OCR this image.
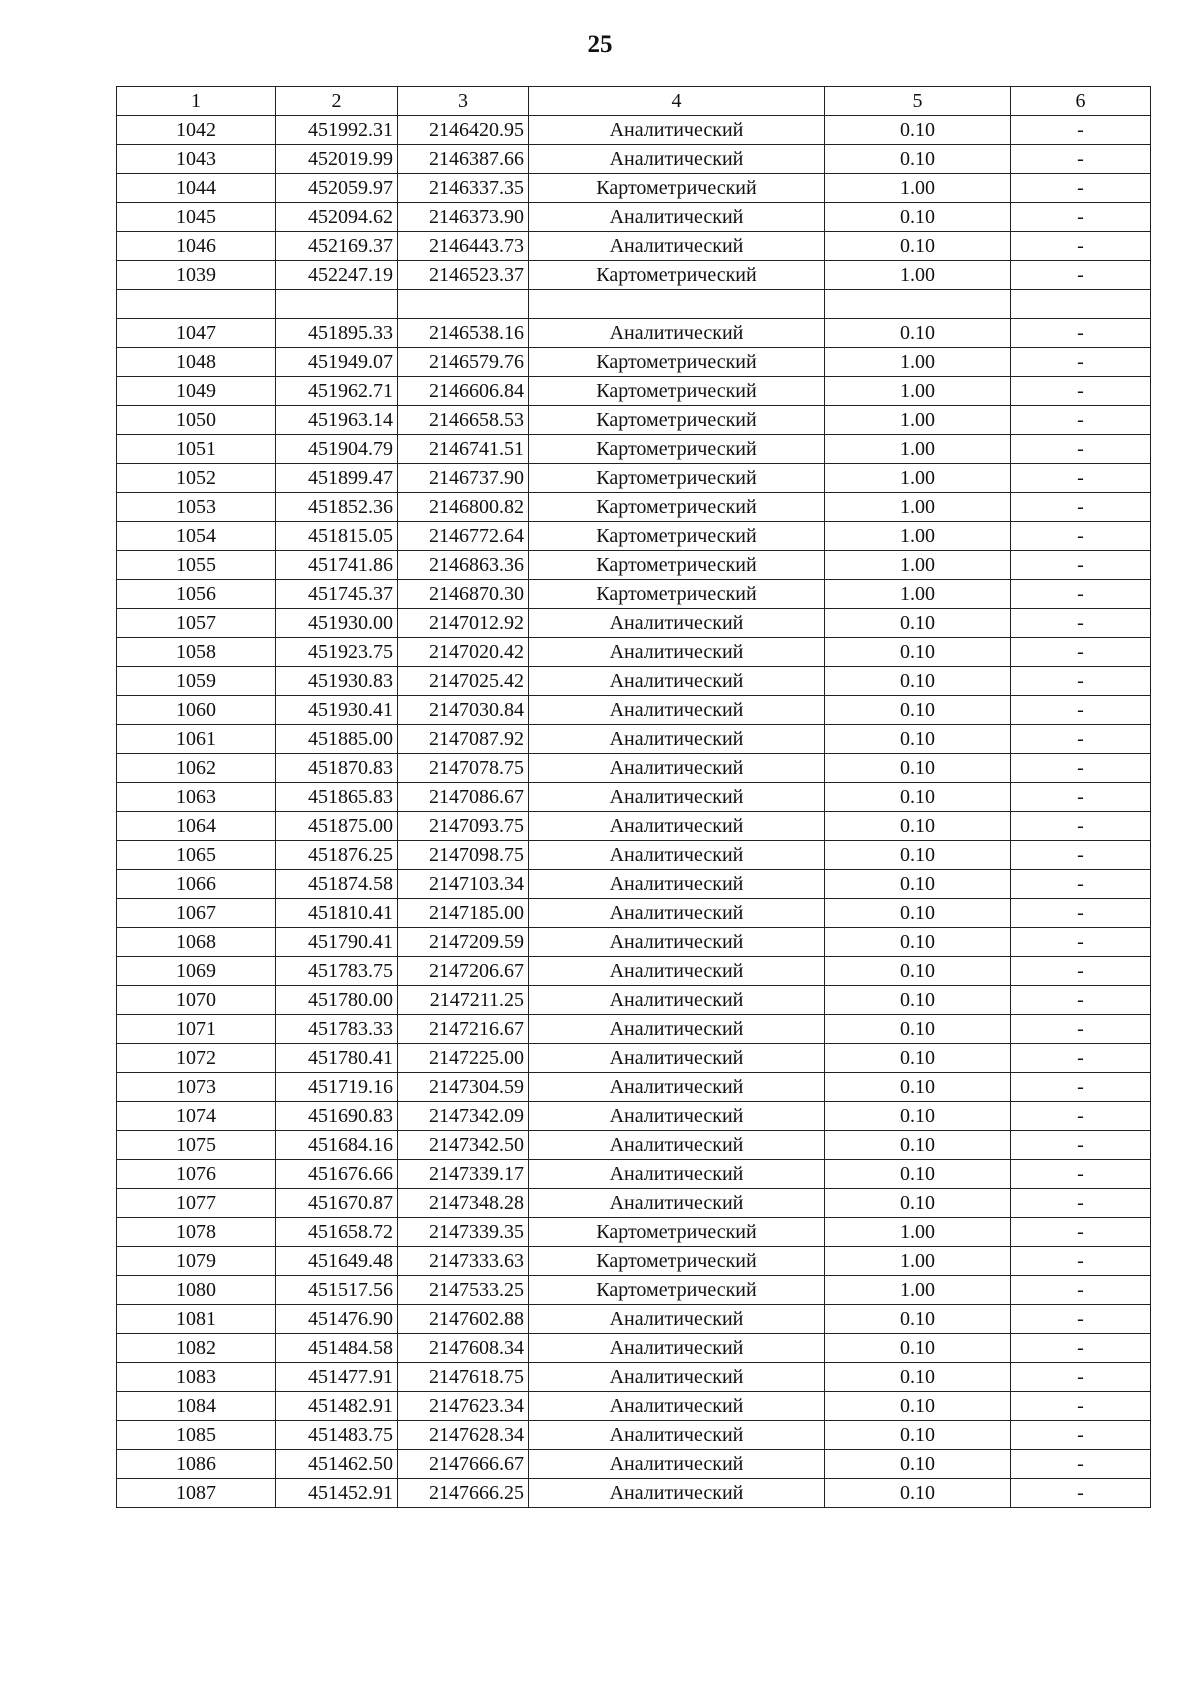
25
1	2	3	4	5	6
1042	451992.31	2146420.95	Аналитический	0.10	-
1043	452019.99	2146387.66	Аналитический	0.10	-
1044	452059.97	2146337.35	Картометрический	1.00	-
1045	452094.62	2146373.90	Аналитический	0.10	-
1046	452169.37	2146443.73	Аналитический	0.10	-
1039	452247.19	2146523.37	Картометрический	1.00	-

1047	451895.33	2146538.16	Аналитический	0.10	-
1048	451949.07	2146579.76	Картометрический	1.00	-
1049	451962.71	2146606.84	Картометрический	1.00	-
1050	451963.14	2146658.53	Картометрический	1.00	-
1051	451904.79	2146741.51	Картометрический	1.00	-
1052	451899.47	2146737.90	Картометрический	1.00	-
1053	451852.36	2146800.82	Картометрический	1.00	-
1054	451815.05	2146772.64	Картометрический	1.00	-
1055	451741.86	2146863.36	Картометрический	1.00	-
1056	451745.37	2146870.30	Картометрический	1.00	-
1057	451930.00	2147012.92	Аналитический	0.10	-
1058	451923.75	2147020.42	Аналитический	0.10	-
1059	451930.83	2147025.42	Аналитический	0.10	-
1060	451930.41	2147030.84	Аналитический	0.10	-
1061	451885.00	2147087.92	Аналитический	0.10	-
1062	451870.83	2147078.75	Аналитический	0.10	-
1063	451865.83	2147086.67	Аналитический	0.10	-
1064	451875.00	2147093.75	Аналитический	0.10	-
1065	451876.25	2147098.75	Аналитический	0.10	-
1066	451874.58	2147103.34	Аналитический	0.10	-
1067	451810.41	2147185.00	Аналитический	0.10	-
1068	451790.41	2147209.59	Аналитический	0.10	-
1069	451783.75	2147206.67	Аналитический	0.10	-
1070	451780.00	2147211.25	Аналитический	0.10	-
1071	451783.33	2147216.67	Аналитический	0.10	-
1072	451780.41	2147225.00	Аналитический	0.10	-
1073	451719.16	2147304.59	Аналитический	0.10	-
1074	451690.83	2147342.09	Аналитический	0.10	-
1075	451684.16	2147342.50	Аналитический	0.10	-
1076	451676.66	2147339.17	Аналитический	0.10	-
1077	451670.87	2147348.28	Аналитический	0.10	-
1078	451658.72	2147339.35	Картометрический	1.00	-
1079	451649.48	2147333.63	Картометрический	1.00	-
1080	451517.56	2147533.25	Картометрический	1.00	-
1081	451476.90	2147602.88	Аналитический	0.10	-
1082	451484.58	2147608.34	Аналитический	0.10	-
1083	451477.91	2147618.75	Аналитический	0.10	-
1084	451482.91	2147623.34	Аналитический	0.10	-
1085	451483.75	2147628.34	Аналитический	0.10	-
1086	451462.50	2147666.67	Аналитический	0.10	-
1087	451452.91	2147666.25	Аналитический	0.10	-
